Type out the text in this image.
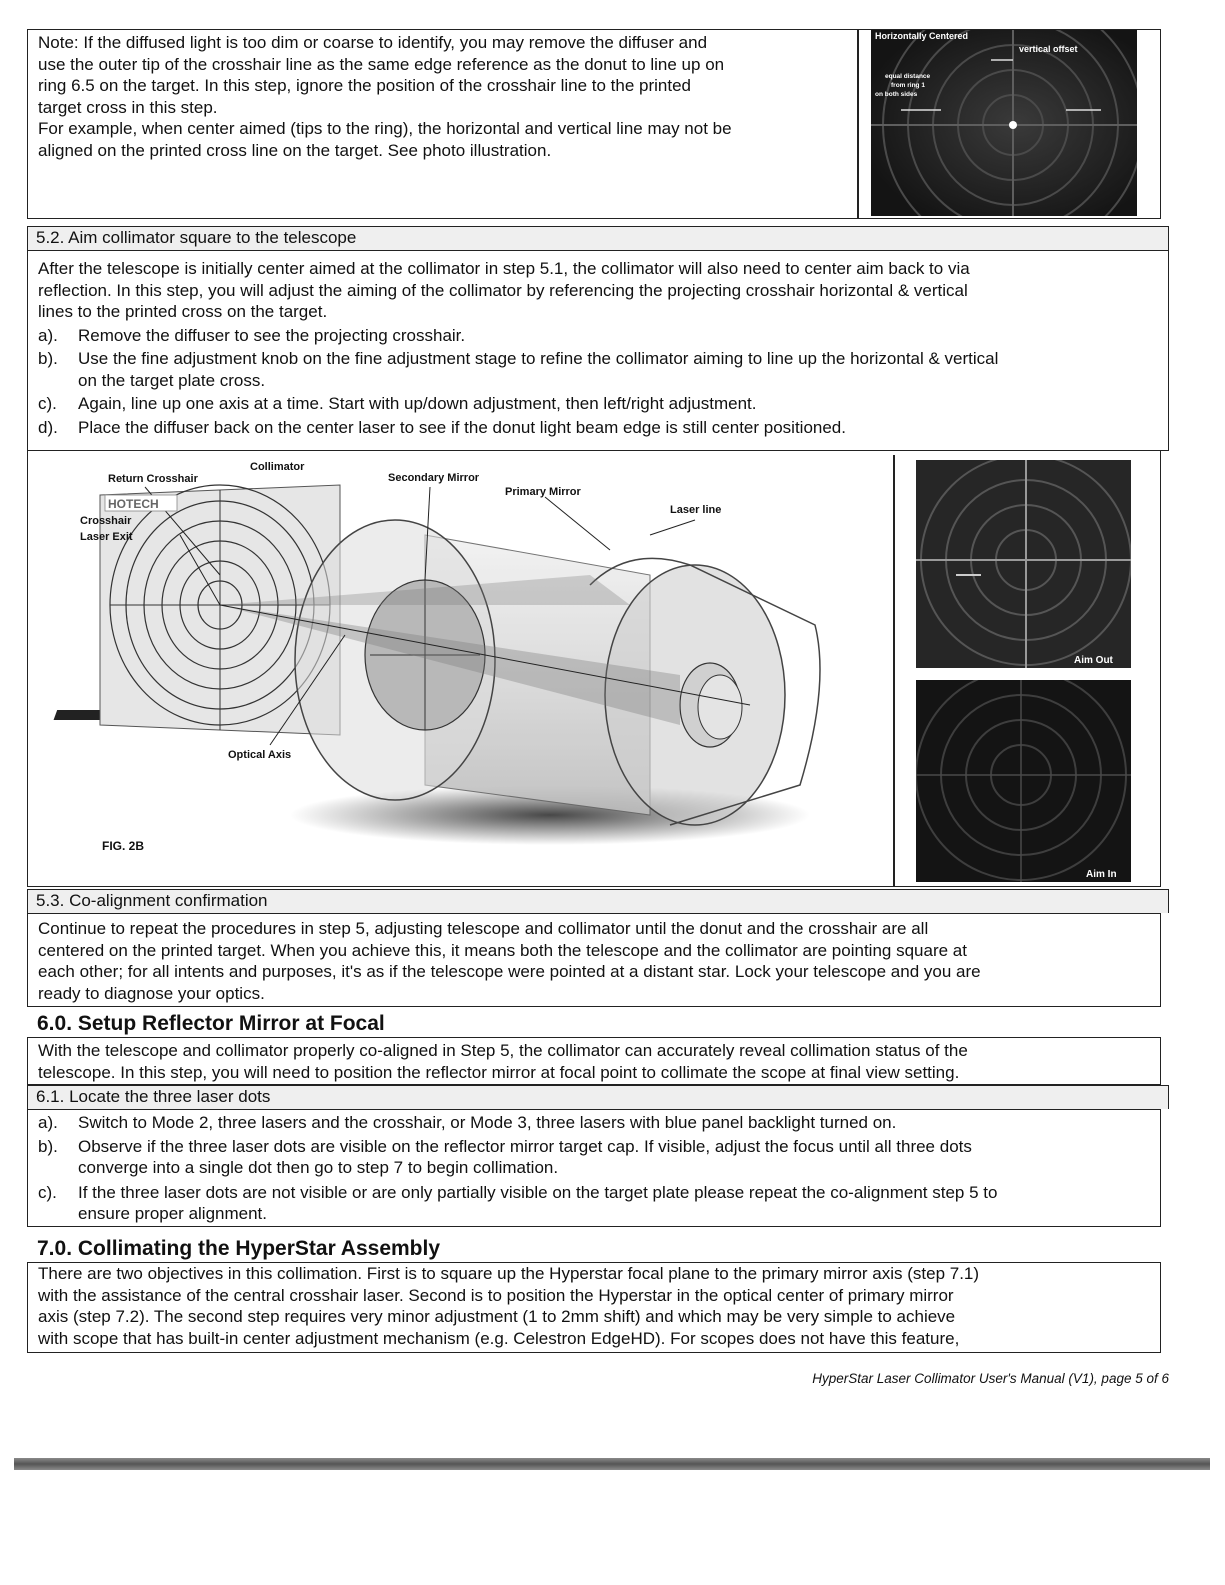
Note: If the diffused light is too dim or coarse to identify, you may remove the diffuser and

use the outer tip of the crosshair line as the same edge reference as the donut to line up on

ring 6.5 on the target. In this step, ignore the position of the crosshair line to the printed

target cross in this step.

For example, when center aimed (tips to the ring), the horizontal and vertical line may not be

aligned on the printed cross line on the target. See photo illustration.

Horizontally Centered
vertical offset
equal distance
from ring 1
on both sides
5.2. Aim collimator square to the telescope

After the telescope is initially center aimed at the collimator in step 5.1, the collimator will also need to center aim back to via

reflection. In this step, you will adjust the aiming of the collimator by referencing the projecting crosshair horizontal & vertical

lines to the printed cross on the target.

a).	Remove the diffuser to see the projecting crosshair.

b).	Use the fine adjustment knob on the fine adjustment stage to refine the collimator aiming to line up the horizontal & vertical

on the target plate cross.

c).	Again, line up one axis at a time. Start with up/down adjustment, then left/right adjustment.

d).	Place the diffuser back on the center laser to see if the donut light beam edge is still center positioned.

Collimator
Return Crosshair
HOTECH
Crosshair
Laser Exit
Secondary Mirror
Primary Mirror
Laser line
Optical Axis
FIG. 2B
Aim Out
Aim In
5.3. Co-alignment confirmation

Continue to repeat the procedures in step 5, adjusting telescope and collimator until the donut and the crosshair are all

centered on the printed target. When you achieve this, it means both the telescope and the collimator are pointing square at

each other; for all intents and purposes, it's as if the telescope were pointed at a distant star. Lock your telescope and you are

ready to diagnose your optics.

6.0. Setup Reflector Mirror at Focal

With the telescope and collimator properly co-aligned in Step 5, the collimator can accurately reveal collimation status of the

telescope. In this step, you will need to position the reflector mirror at focal point to collimate the scope at final view setting.

6.1. Locate the three laser dots
a).	Switch to Mode 2, three lasers and the crosshair, or Mode 3, three lasers with blue panel backlight turned on.

b).	Observe if the three laser dots are visible on the reflector mirror target cap. If visible, adjust the focus until all three dots

converge into a single dot then go to step 7 to begin collimation.

c).	If the three laser dots are not visible or are only partially visible on the target plate please repeat the co-alignment step 5 to

ensure proper alignment.

7.0. Collimating the HyperStar Assembly

There are two objectives in this collimation. First is to square up the Hyperstar focal plane to the primary mirror axis (step 7.1)

with the assistance of the central crosshair laser. Second is to position the Hyperstar in the optical center of primary mirror

axis (step 7.2). The second step requires very minor adjustment (1 to 2mm shift) and which may be very simple to achieve

with scope that has built-in center adjustment mechanism (e.g. Celestron EdgeHD). For scopes does not have this feature,

HyperStar Laser Collimator User's Manual (V1), page 5 of 6
